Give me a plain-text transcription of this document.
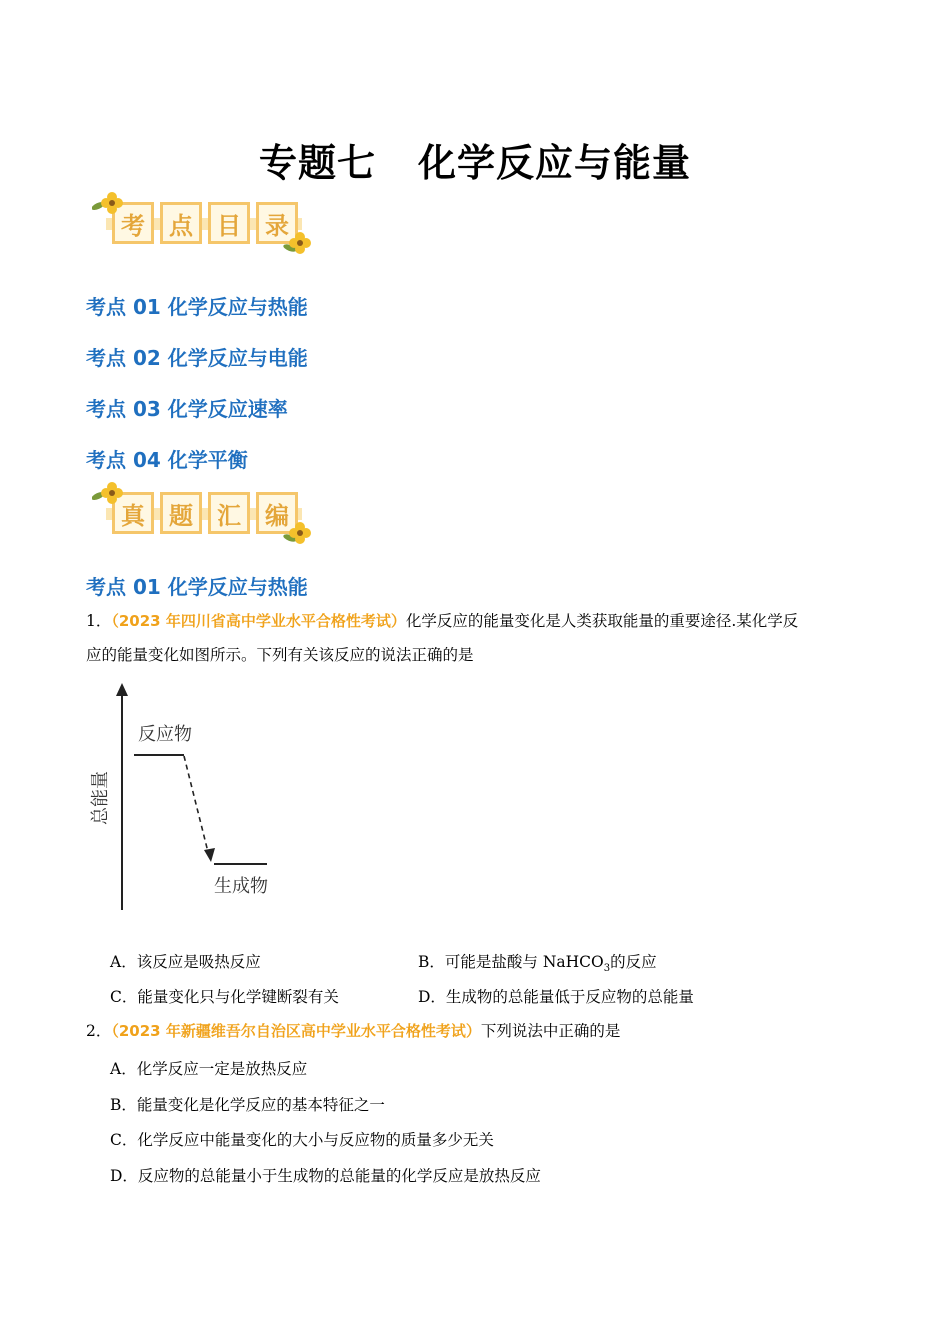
专题七 化学反应与能量
考	点	目	录
考点 01 化学反应与热能
考点 02 化学反应与电能
考点 03 化学反应速率
考点 04 化学平衡
真	题	汇	编
考点 01 化学反应与热能
1．（2023 年四川省高中学业水平合格性考试）化学反应的能量变化是人类获取能量的重要途径.某化学反
应的能量变化如图所示。下列有关该反应的说法正确的是
反应物
生成物
总能量
A．该反应是吸热反应	B．可能是盐酸与 NaHCO$_3$的反应
C．能量变化只与化学键断裂有关	D．生成物的总能量低于反应物的总能量
2．（2023 年新疆维吾尔自治区高中学业水平合格性考试）下列说法中正确的是
A．化学反应一定是放热反应
B．能量变化是化学反应的基本特征之一
C．化学反应中能量变化的大小与反应物的质量多少无关
D．反应物的总能量小于生成物的总能量的化学反应是放热反应
